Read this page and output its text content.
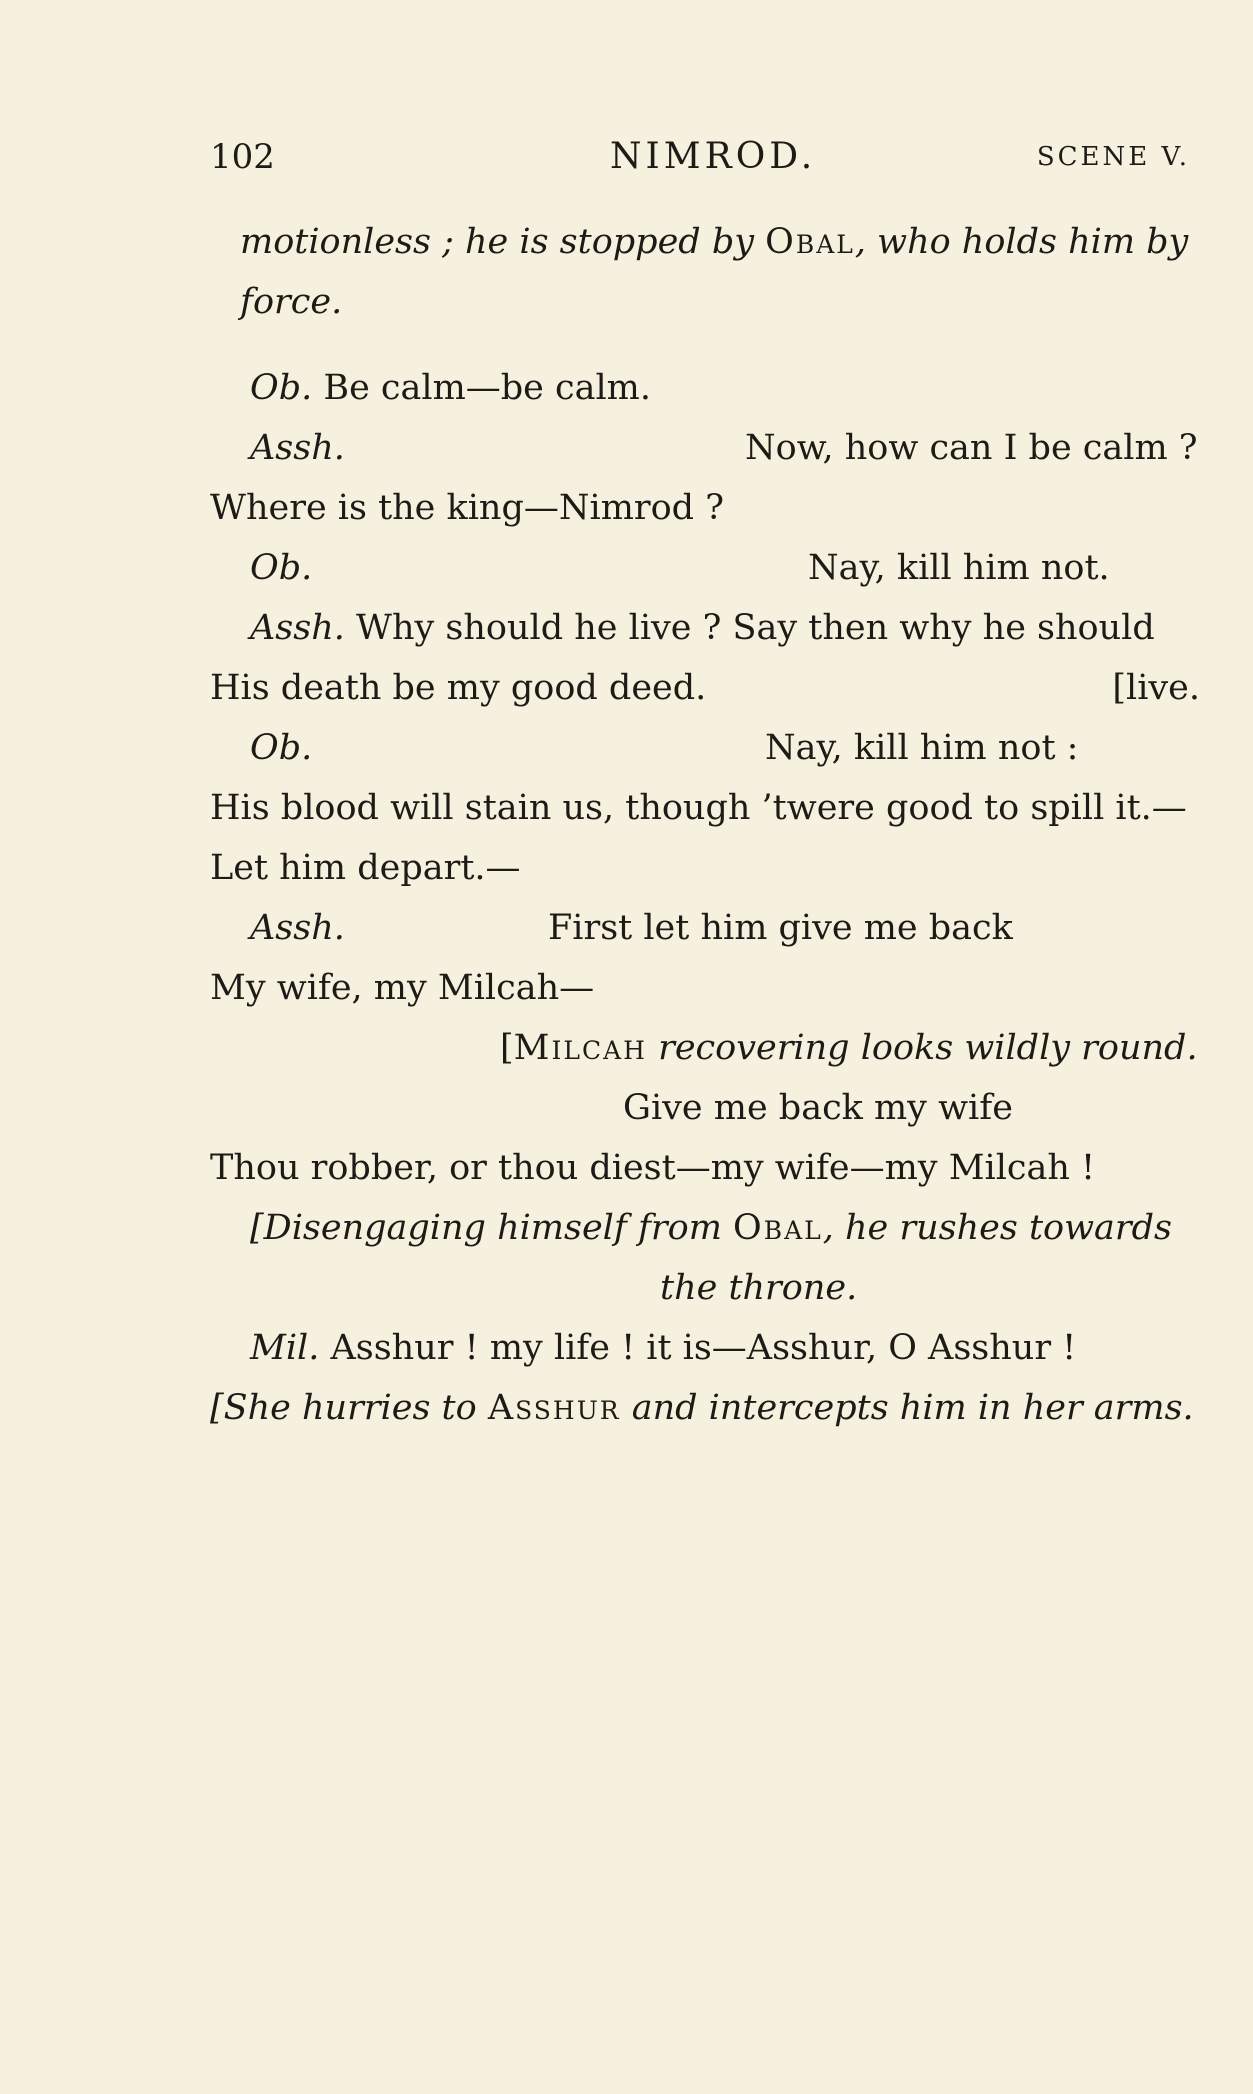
102	NIMROD.	SCENE V.
motionless ; he is stopped by Obal, who holds him by
force.
Ob. Be calm—be calm.
Assh.	Now, how can I be calm ?
Where is the king—Nimrod ?
Ob.	Nay, kill him not.
Assh. Why should he live ? Say then why he should
His death be my good deed.	[live.
Ob.	Nay, kill him not :
His blood will stain us, though ’twere good to spill it.—
Let him depart.—
Assh.	First let him give me back
My wife, my Milcah—
[Milcah recovering looks wildly round.
Give me back my wife
Thou robber, or thou diest—my wife—my Milcah !
[Disengaging himself from Obal, he rushes towards
the throne.
Mil. Asshur ! my life ! it is—Asshur, O Asshur !
[She hurries to Asshur and intercepts him in her arms.
